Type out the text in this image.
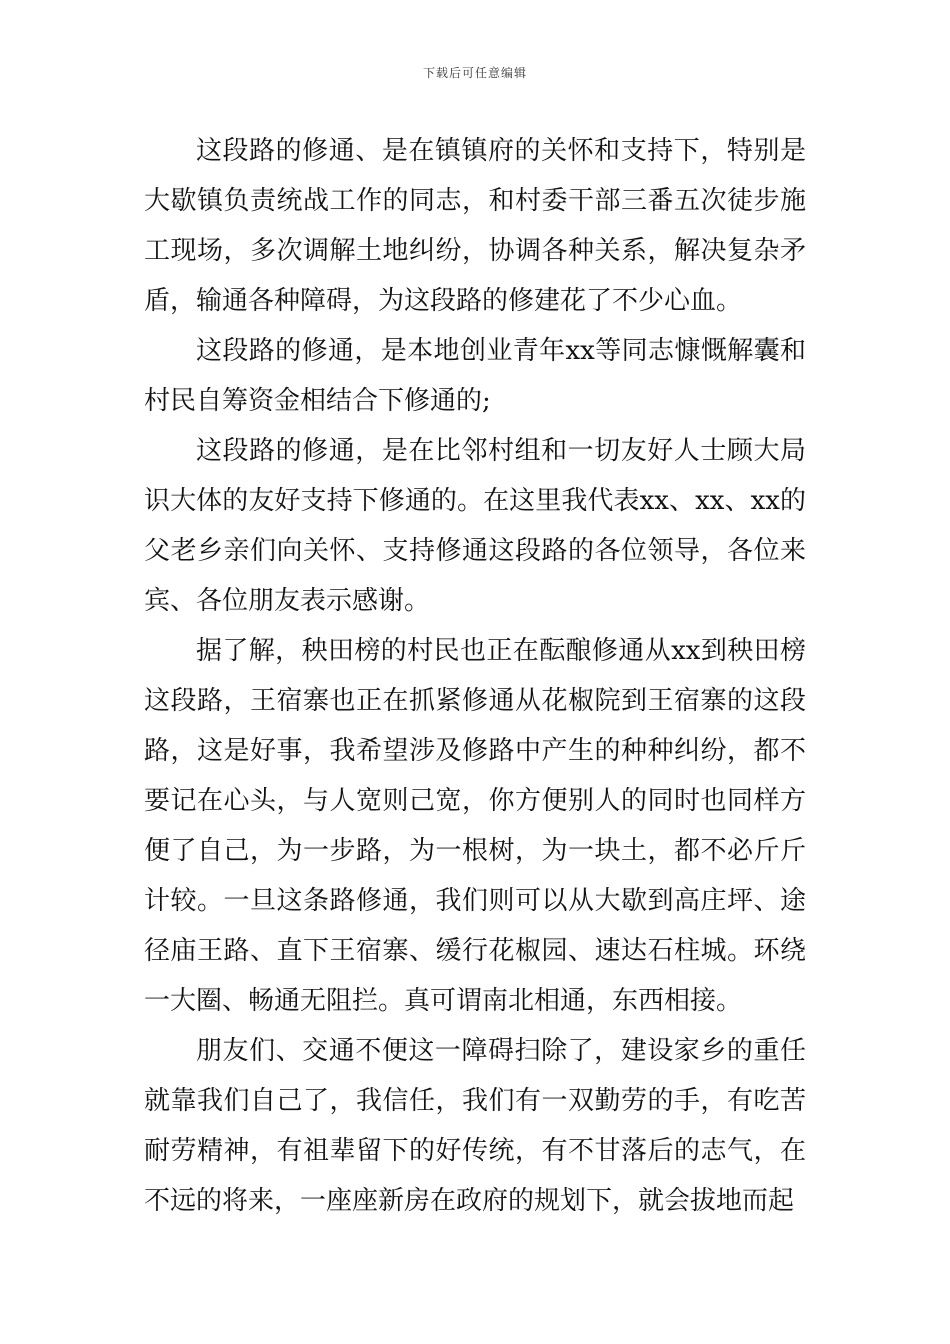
下载后可任意编辑

这段路的修通、是在镇镇府的关怀和支持下，特别是大歇镇负责统战工作的同志，和村委干部三番五次徒步施工现场，多次调解土地纠纷，协调各种关系，解决复杂矛盾，输通各种障碍，为这段路的修建花了不少心血。

这段路的修通，是本地创业青年xx等同志慷慨解囊和村民自筹资金相结合下修通的;

这段路的修通，是在比邻村组和一切友好人士顾大局识大体的友好支持下修通的。在这里我代表xx、xx、xx的父老乡亲们向关怀、支持修通这段路的各位领导，各位来宾、各位朋友表示感谢。

据了解，秧田榜的村民也正在酝酿修通从xx到秧田榜这段路，王宿寨也正在抓紧修通从花椒院到王宿寨的这段路，这是好事，我希望涉及修路中产生的种种纠纷，都不要记在心头，与人宽则己宽，你方便别人的同时也同样方便了自己，为一步路，为一根树，为一块土，都不必斤斤计较。一旦这条路修通，我们则可以从大歇到高庄坪、途径庙王路、直下王宿寨、缓行花椒园、速达石柱城。环绕一大圈、畅通无阻拦。真可谓南北相通，东西相接。

朋友们、交通不便这一障碍扫除了，建设家乡的重任就靠我们自己了，我信任，我们有一双勤劳的手，有吃苦耐劳精神，有祖辈留下的好传统，有不甘落后的志气，在不远的将来，一座座新房在政府的规划下，就会拔地而起
